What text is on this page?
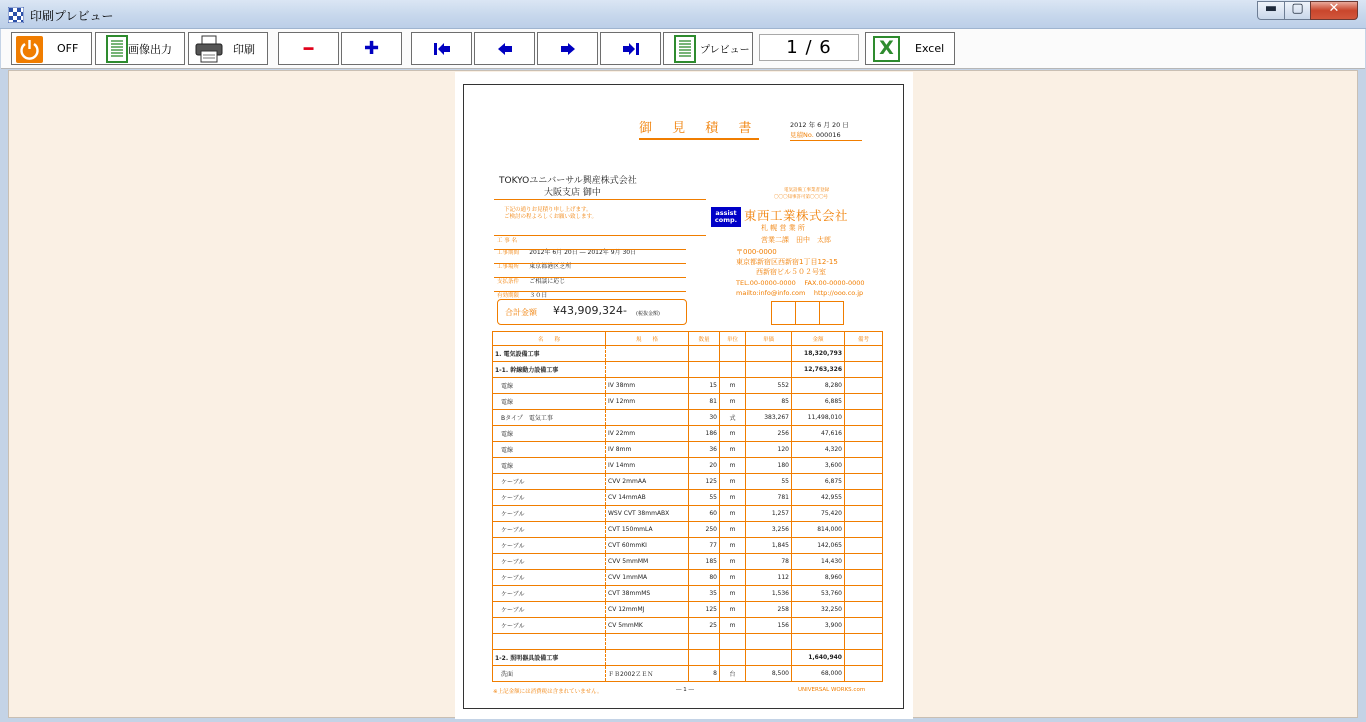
印刷プレビュー	▬	▢	✕
OFF	画像出力	印刷	━	✚	プレビュー	1 / 6	X	Excel
御 見 積 書	2012 年 6 月 20 日
見積No. 000016
TOKYOユニバーサル興産株式会社
大阪支店 御中
下記の通りお見積り申し上げます。
ご検討の程よろしくお願い致します。
工 事 名
工事期間 2012年 6月 20日 ― 2012年 9月 30日
工事場所 東京都港区芝所
支払条件 ご相談に応じ
有効期限 ３０日
合計金額 ¥43,909,324- (税抜金額)
電気設備工事業者登録
〇〇〇知事許可第〇〇〇号
assist
comp. 東西工業株式会社
札 幌 営 業 所
営業二課　田中　太郎
〒000-0000
東京都新宿区西新宿1丁目12-15
西新宿ビル５０２号室
TEL.00-0000-0000　 FAX.00-0000-0000
mailto:info@info.com　 http://ooo.co.jp
名　　称	規　　格	数量	単位	単価	金額	備考
1. 電気設備工事					18,320,793	
1-1. 幹線動力設備工事					12,763,326	
　電線	IV 38mm	15	m	552	8,280	
　電線	IV 12mm	81	m	85	6,885	
　Bタイプ　電気工事		30	式	383,267	11,498,010	
　電線	IV 22mm	186	m	256	47,616	
　電線	IV 8mm	36	m	120	4,320	
　電線	IV 14mm	20	m	180	3,600	
　ケーブル	CVV 2mmAA	125	m	55	6,875	
　ケーブル	CV 14mmAB	55	m	781	42,955	
　ケーブル	WSV CVT 38mmABX	60	m	1,257	75,420	
　ケーブル	CVT 150mmLA	250	m	3,256	814,000	
　ケーブル	CVT 60mmKI	77	m	1,845	142,065	
　ケーブル	CVV 5mmMM	185	m	78	14,430	
　ケーブル	CVV 1mmMA	80	m	112	8,960	
　ケーブル	CVT 38mmMS	35	m	1,536	53,760	
　ケーブル	CV 12mmMJ	125	m	258	32,250	
　ケーブル	CV 5mmMK	25	m	156	3,900	

1-2. 照明器具設備工事					1,640,940	
　洗面	ＦＢ2002ＺＥＮ	8	台	8,500	68,000	
※上記金額には消費税は含まれていません。	― 1 ―	UNIVERSAL WORKS.com
